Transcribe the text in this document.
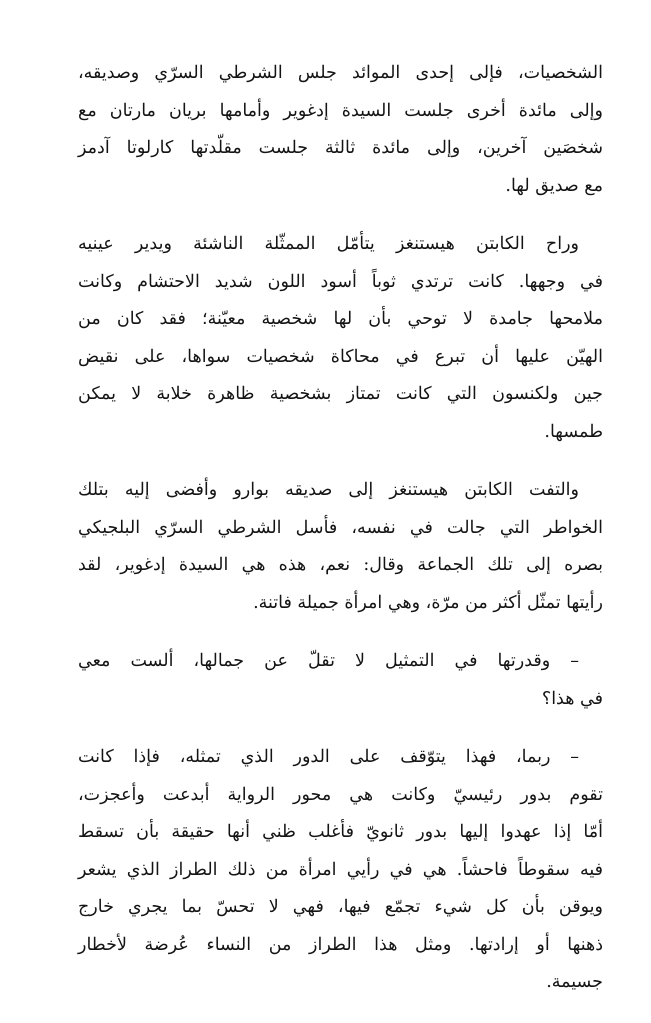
الشخصيات، فإلى إحدى الموائد جلس الشرطي السرّي وصديقه،
وإلى مائدة أخرى جلست السيدة إدغوير وأمامها بريان مارتان مع
شخصَين آخرين، وإلى مائدة ثالثة جلست مقلّدتها كارلوتا آدمز
مع صديق لها.
وراح الكابتن هيستنغز يتأمّل الممثّلة الناشئة ويدير عينيه
في وجهها. كانت ترتدي ثوباً أسود اللون شديد الاحتشام وكانت
ملامحها جامدة لا توحي بأن لها شخصية معيّنة؛ فقد كان من
الهيّن عليها أن تبرع في محاكاة شخصيات سواها، على نقيض
جين ولكنسون التي كانت تمتاز بشخصية ظاهرة خلابة لا يمكن
طمسها.
والتفت الكابتن هيستنغز إلى صديقه بوارو وأفضى إليه بتلك
الخواطر التي جالت في نفسه، فأسل الشرطي السرّي البلجيكي
بصره إلى تلك الجماعة وقال: نعم، هذه هي السيدة إدغوير، لقد
رأيتها تمثّل أكثر من مرّة، وهي امرأة جميلة فاتنة.
– وقدرتها في التمثيل لا تقلّ عن جمالها، ألست معي
في هذا؟
– ربما، فهذا يتوّقف على الدور الذي تمثله، فإذا كانت
تقوم بدور رئيسيّ وكانت هي محور الرواية أبدعت وأعجزت،
أمّا إذا عهدوا إليها بدور ثانويّ فأغلب ظني أنها حقيقة بأن تسقط
فيه سقوطاً فاحشاً. هي في رأيي امرأة من ذلك الطراز الذي يشعر
ويوقن بأن كل شيء تجمّع فيها، فهي لا تحسّ بما يجري خارج
ذهنها أو إرادتها. ومثل هذا الطراز من النساء عُرضة لأخطار
جسيمة.
